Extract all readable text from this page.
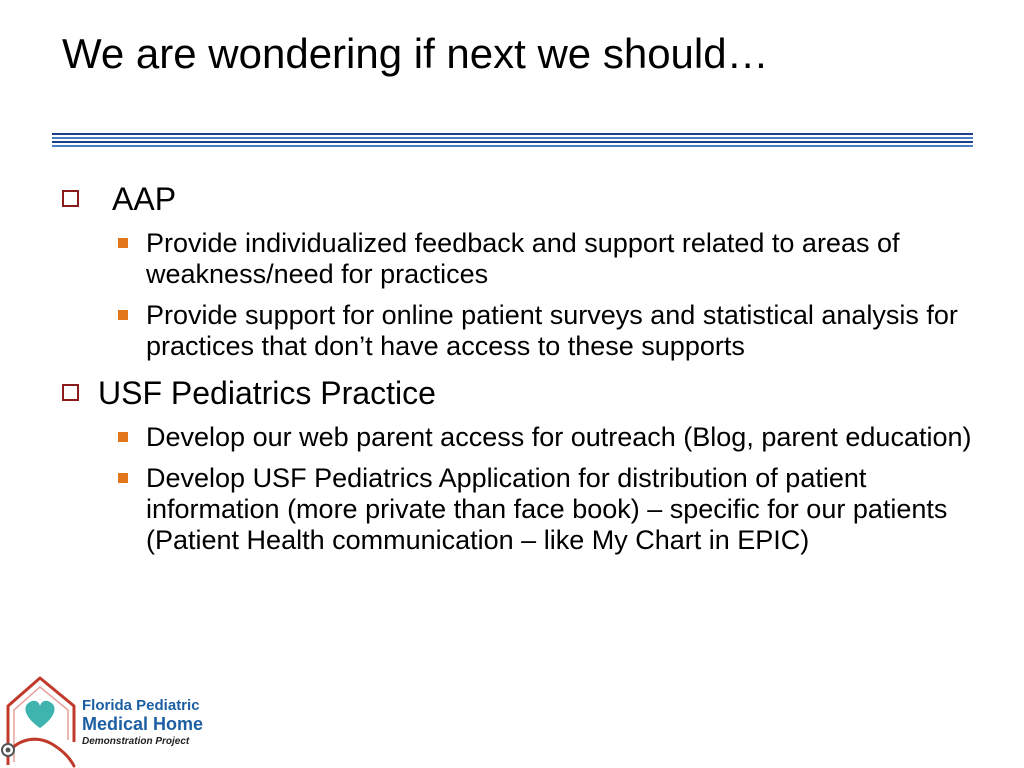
We are wondering if next we should…
AAP
Provide individualized feedback and support related to areas of weakness/need for practices
Provide support for online patient surveys and statistical analysis for practices that don’t have access to these supports
USF Pediatrics Practice
Develop our web parent access for outreach (Blog, parent education)
Develop USF Pediatrics Application for distribution of patient information (more private than face book) – specific for our patients (Patient Health communication – like My Chart in EPIC)
Florida Pediatric
Medical Home
Demonstration Project
